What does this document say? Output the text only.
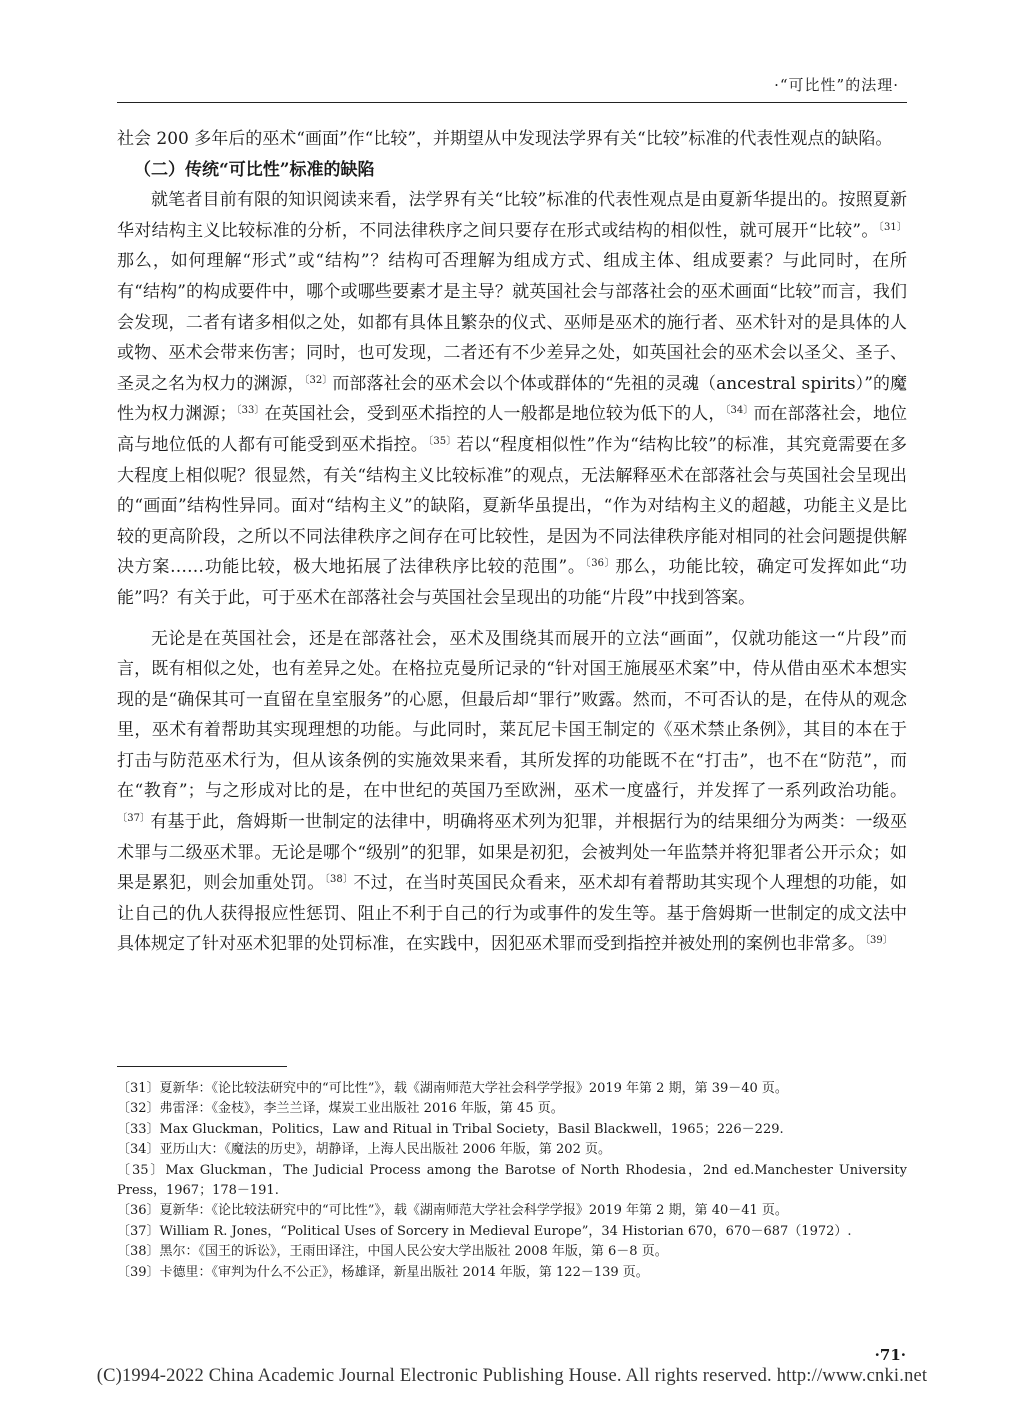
·“可比性”的法理·

社会 200 多年后的巫术“画面”作“比较”，并期望从中发现法学界有关“比较”标准的代表性观点的缺陷。

（二）传统“可比性”标准的缺陷

就笔者目前有限的知识阅读来看，法学界有关“比较”标准的代表性观点是由夏新华提出的。按照夏新华对结构主义比较标准的分析，不同法律秩序之间只要存在形式或结构的相似性，就可展开“比较”。$^{〔31〕}$那么，如何理解“形式”或“结构”？结构可否理解为组成方式、组成主体、组成要素？与此同时，在所有“结构”的构成要件中，哪个或哪些要素才是主导？就英国社会与部落社会的巫术画面“比较”而言，我们会发现，二者有诸多相似之处，如都有具体且繁杂的仪式、巫师是巫术的施行者、巫术针对的是具体的人或物、巫术会带来伤害；同时，也可发现，二者还有不少差异之处，如英国社会的巫术会以圣父、圣子、圣灵之名为权力的渊源，$^{〔32〕}$而部落社会的巫术会以个体或群体的“先祖的灵魂（ancestral spirits）”的魔性为权力渊源；$^{〔33〕}$在英国社会，受到巫术指控的人一般都是地位较为低下的人，$^{〔34〕}$而在部落社会，地位高与地位低的人都有可能受到巫术指控。$^{〔35〕}$若以“程度相似性”作为“结构比较”的标准，其究竟需要在多大程度上相似呢？很显然，有关“结构主义比较标准”的观点，无法解释巫术在部落社会与英国社会呈现出的“画面”结构性异同。面对“结构主义”的缺陷，夏新华虽提出，“作为对结构主义的超越，功能主义是比较的更高阶段，之所以不同法律秩序之间存在可比较性，是因为不同法律秩序能对相同的社会问题提供解决方案……功能比较，极大地拓展了法律秩序比较的范围”。$^{〔36〕}$那么，功能比较，确定可发挥如此“功能”吗？有关于此，可于巫术在部落社会与英国社会呈现出的功能“片段”中找到答案。

无论是在英国社会，还是在部落社会，巫术及围绕其而展开的立法“画面”，仅就功能这一“片段”而言，既有相似之处，也有差异之处。在格拉克曼所记录的“针对国王施展巫术案”中，侍从借由巫术本想实现的是“确保其可一直留在皇室服务”的心愿，但最后却“罪行”败露。然而，不可否认的是，在侍从的观念里，巫术有着帮助其实现理想的功能。与此同时，莱瓦尼卡国王制定的《巫术禁止条例》，其目的本在于打击与防范巫术行为，但从该条例的实施效果来看，其所发挥的功能既不在“打击”，也不在“防范”，而在“教育”；与之形成对比的是，在中世纪的英国乃至欧洲，巫术一度盛行，并发挥了一系列政治功能。$^{〔37〕}$有基于此，詹姆斯一世制定的法律中，明确将巫术列为犯罪，并根据行为的结果细分为两类：一级巫术罪与二级巫术罪。无论是哪个“级别”的犯罪，如果是初犯，会被判处一年监禁并将犯罪者公开示众；如果是累犯，则会加重处罚。$^{〔38〕}$不过，在当时英国民众看来，巫术却有着帮助其实现个人理想的功能，如让自己的仇人获得报应性惩罚、阻止不利于自己的行为或事件的发生等。基于詹姆斯一世制定的成文法中具体规定了针对巫术犯罪的处罚标准，在实践中，因犯巫术罪而受到指控并被处刑的案例也非常多。$^{〔39〕}$

〔31〕夏新华：《论比较法研究中的“可比性”》，载《湖南师范大学社会科学学报》2019 年第 2 期，第 39－40 页。
〔32〕弗雷泽：《金枝》，李兰兰译，煤炭工业出版社 2016 年版，第 45 页。
〔33〕Max Gluckman，Politics，Law and Ritual in Tribal Society，Basil Blackwell，1965；226－229.
〔34〕亚历山大：《魔法的历史》，胡静译，上海人民出版社 2006 年版，第 202 页。
〔35〕Max Gluckman，The Judicial Process among the Barotse of North Rhodesia，2nd ed.Manchester University Press，1967；178－191.
〔36〕夏新华：《论比较法研究中的“可比性”》，载《湖南师范大学社会科学学报》2019 年第 2 期，第 40－41 页。
〔37〕William R. Jones，“Political Uses of Sorcery in Medieval Europe”，34 Historian 670，670－687（1972）.
〔38〕黑尔：《国王的诉讼》，王雨田译注，中国人民公安大学出版社 2008 年版，第 6－8 页。
〔39〕卡德里：《审判为什么不公正》，杨雄译，新星出版社 2014 年版，第 122－139 页。
·71·
(C)1994-2022 China Academic Journal Electronic Publishing House. All rights reserved. http://www.cnki.net
